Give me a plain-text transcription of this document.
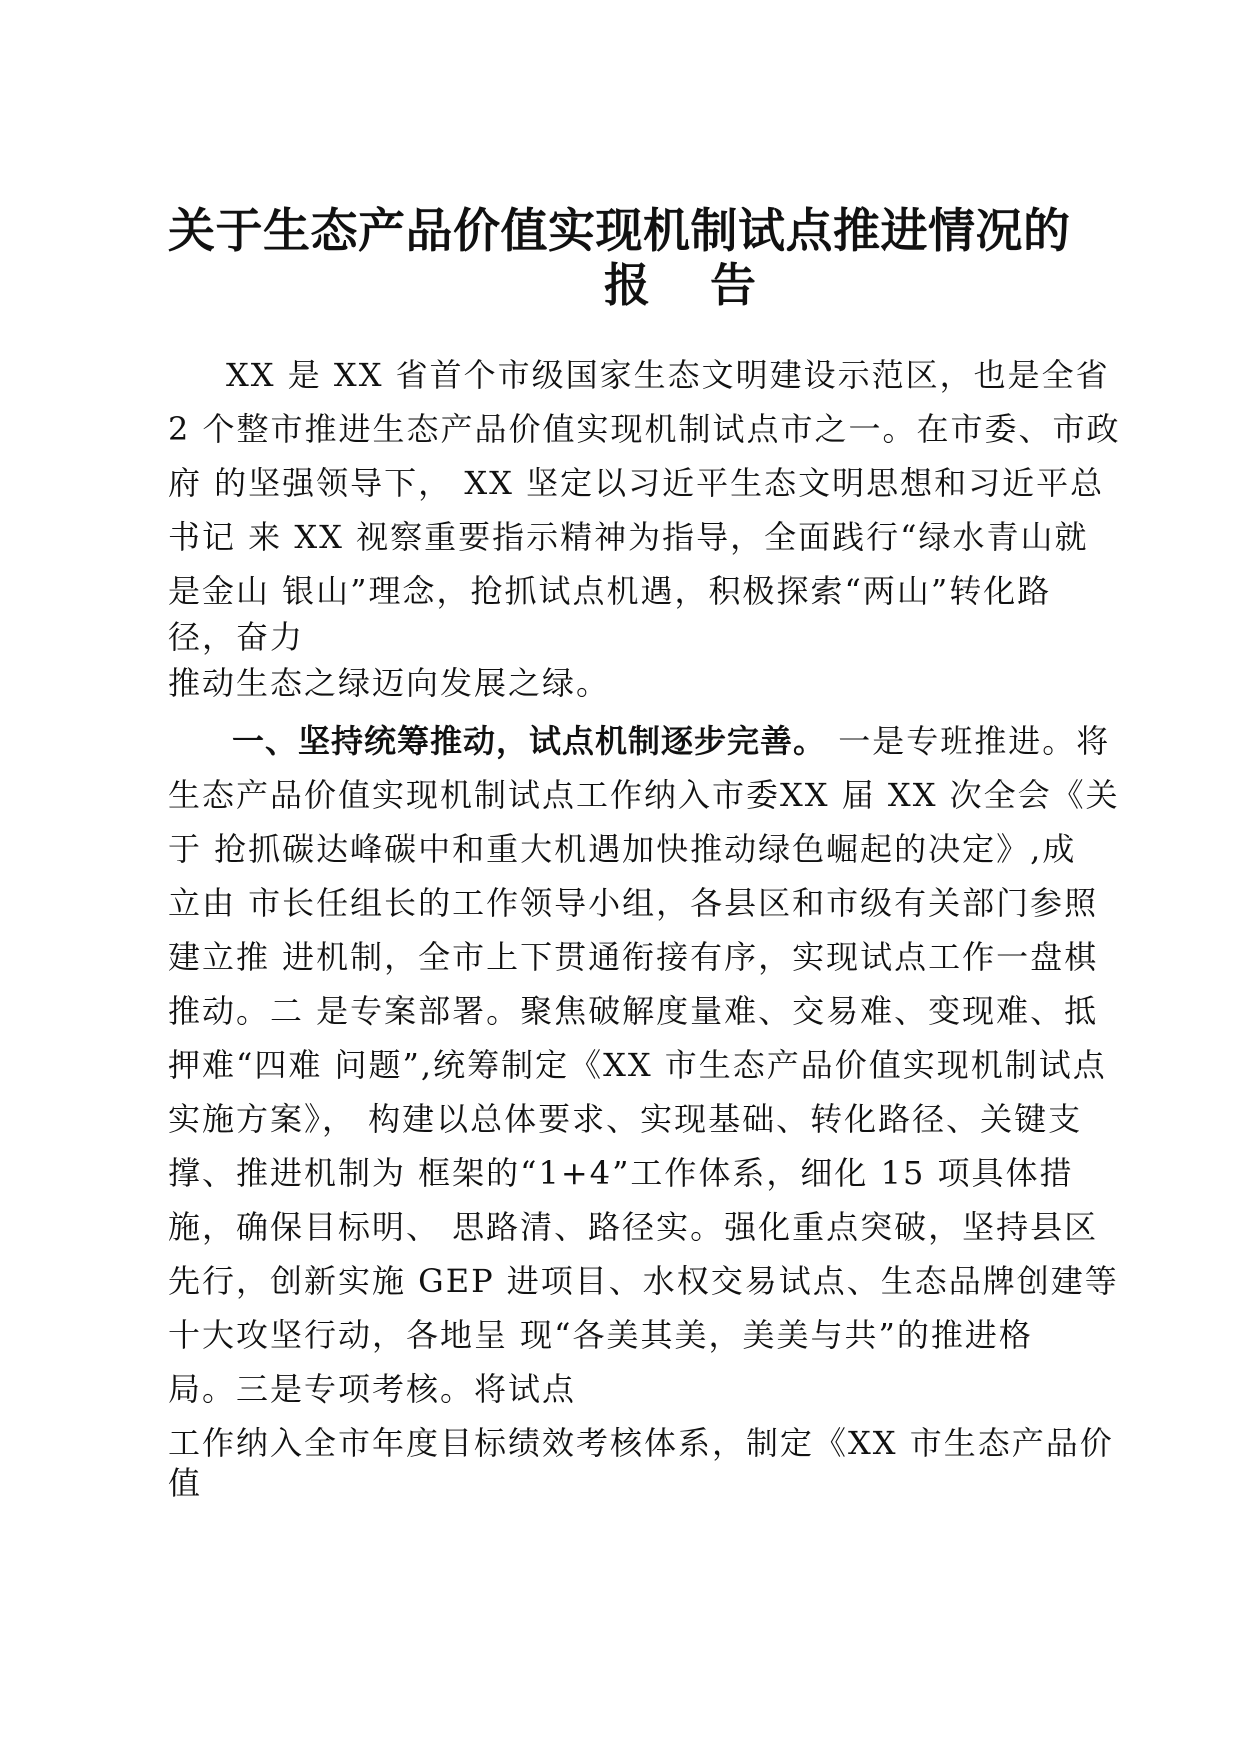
关于生态产品价值实现机制试点推进情况的
报 告
XX 是 XX 省首个市级国家生态文明建设示范区，也是全省
2 个整市推进生态产品价值实现机制试点市之一。在市委、市政
府 的坚强领导下， XX 坚定以习近平生态文明思想和习近平总
书记 来 XX 视察重要指示精神为指导，全面践行“绿水青山就
是金山 银山”理念，抢抓试点机遇，积极探索“两山”转化路
径，奋力
推动生态之绿迈向发展之绿。
一、坚持统筹推动，试点机制逐步完善。 一是专班推进。将
生态产品价值实现机制试点工作纳入市委XX 届 XX 次全会《关
于 抢抓碳达峰碳中和重大机遇加快推动绿色崛起的决定》,成
立由 市长任组长的工作领导小组，各县区和市级有关部门参照
建立推 进机制，全市上下贯通衔接有序，实现试点工作一盘棋
推动。二 是专案部署。聚焦破解度量难、交易难、变现难、抵
押难“四难 问题”,统筹制定《XX 市生态产品价值实现机制试点
实施方案》， 构建以总体要求、实现基础、转化路径、关键支
撑、推进机制为 框架的“1+4”工作体系，细化 15 项具体措
施，确保目标明、 思路清、路径实。强化重点突破，坚持县区
先行，创新实施 GEP 进项目、水权交易试点、生态品牌创建等
十大攻坚行动，各地呈 现“各美其美，美美与共”的推进格
局。三是专项考核。将试点
工作纳入全市年度目标绩效考核体系，制定《XX 市生态产品价
值
